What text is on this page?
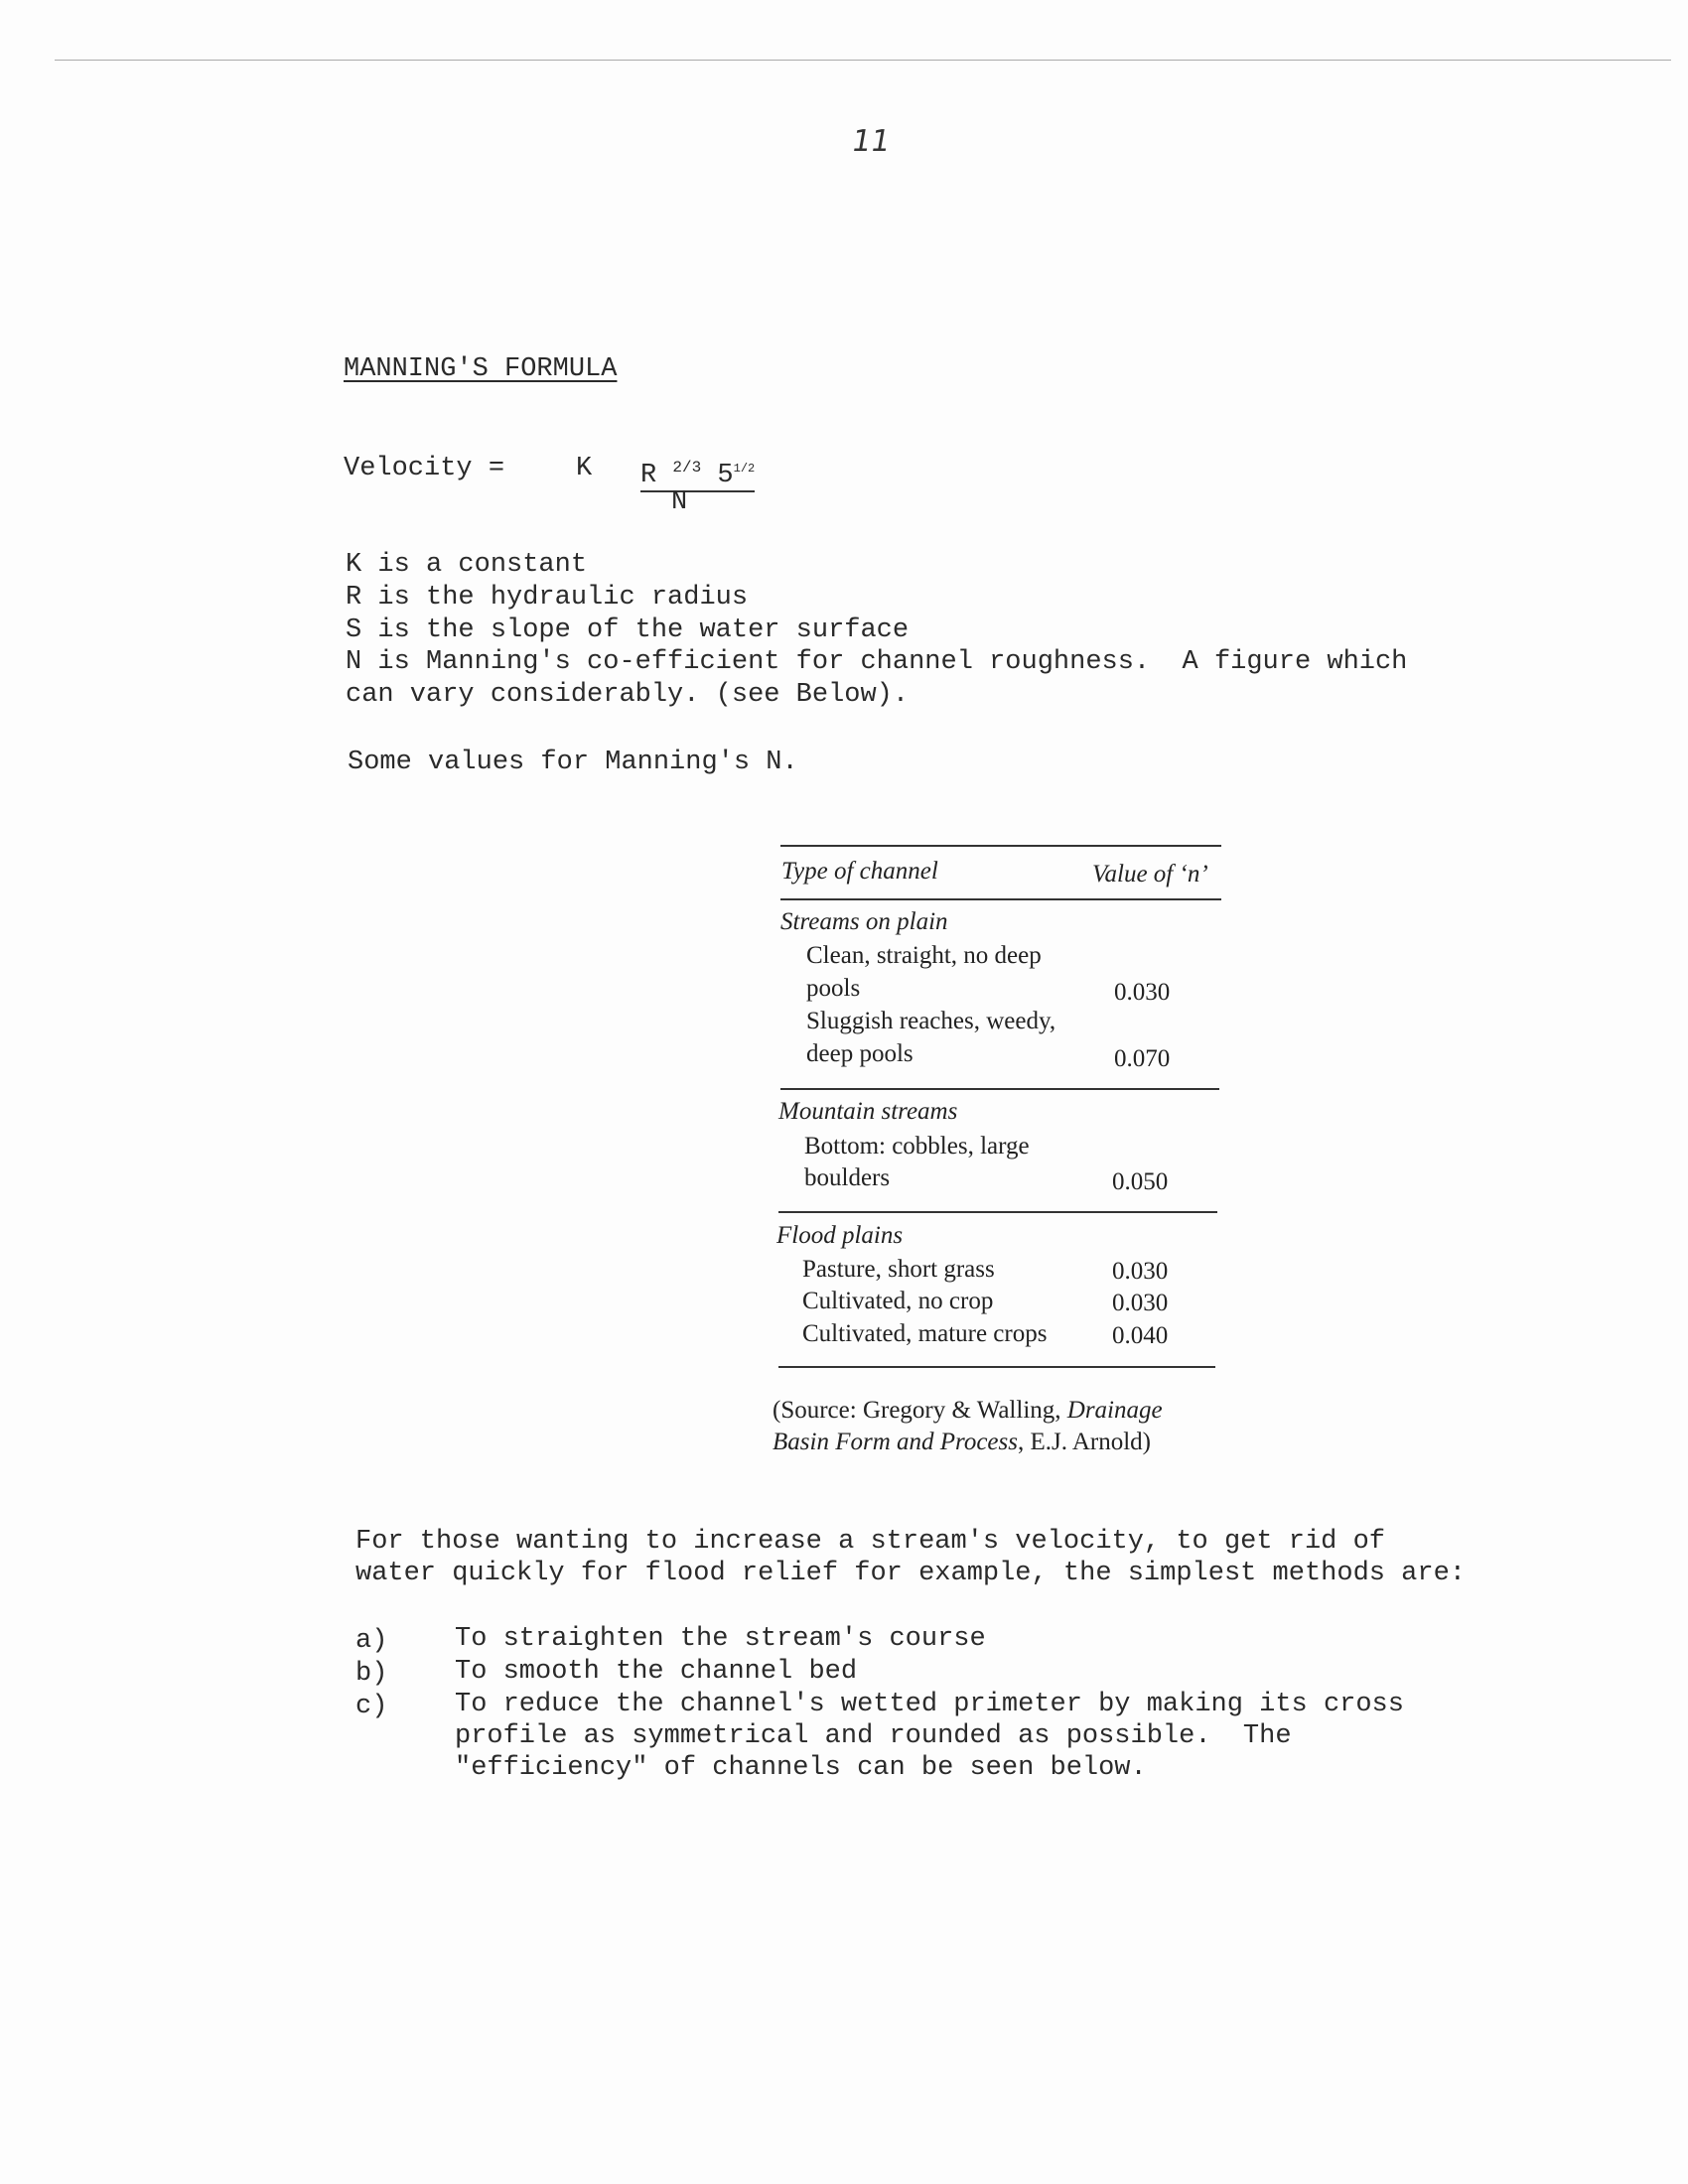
11
MANNING'S FORMULA
Velocity =	K R $^{2/3}$ $5^{1/2}$
N
K is a constant
R is the hydraulic radius
S is the slope of the water surface
N is Manning's co-efficient for channel roughness.  A figure which
can vary considerably. (see Below).
Some values for Manning's N.
Type of channel	Value of ‘n’
Streams on plain
Clean, straight, no deep
pools	0.030
Sluggish reaches, weedy,
deep pools	0.070
Mountain streams
Bottom: cobbles, large
boulders	0.050
Flood plains
Pasture, short grass	0.030
Cultivated, no crop	0.030
Cultivated, mature crops	0.040
(Source: Gregory & Walling, Drainage
Basin Form and Process, E.J. Arnold)
For those wanting to increase a stream's velocity, to get rid of
water quickly for flood relief for example, the simplest methods are:
a)	To straighten the stream's course
b)	To smooth the channel bed
c)	To reduce the channel's wetted primeter by making its cross
profile as symmetrical and rounded as possible.  The
"efficiency" of channels can be seen below.
